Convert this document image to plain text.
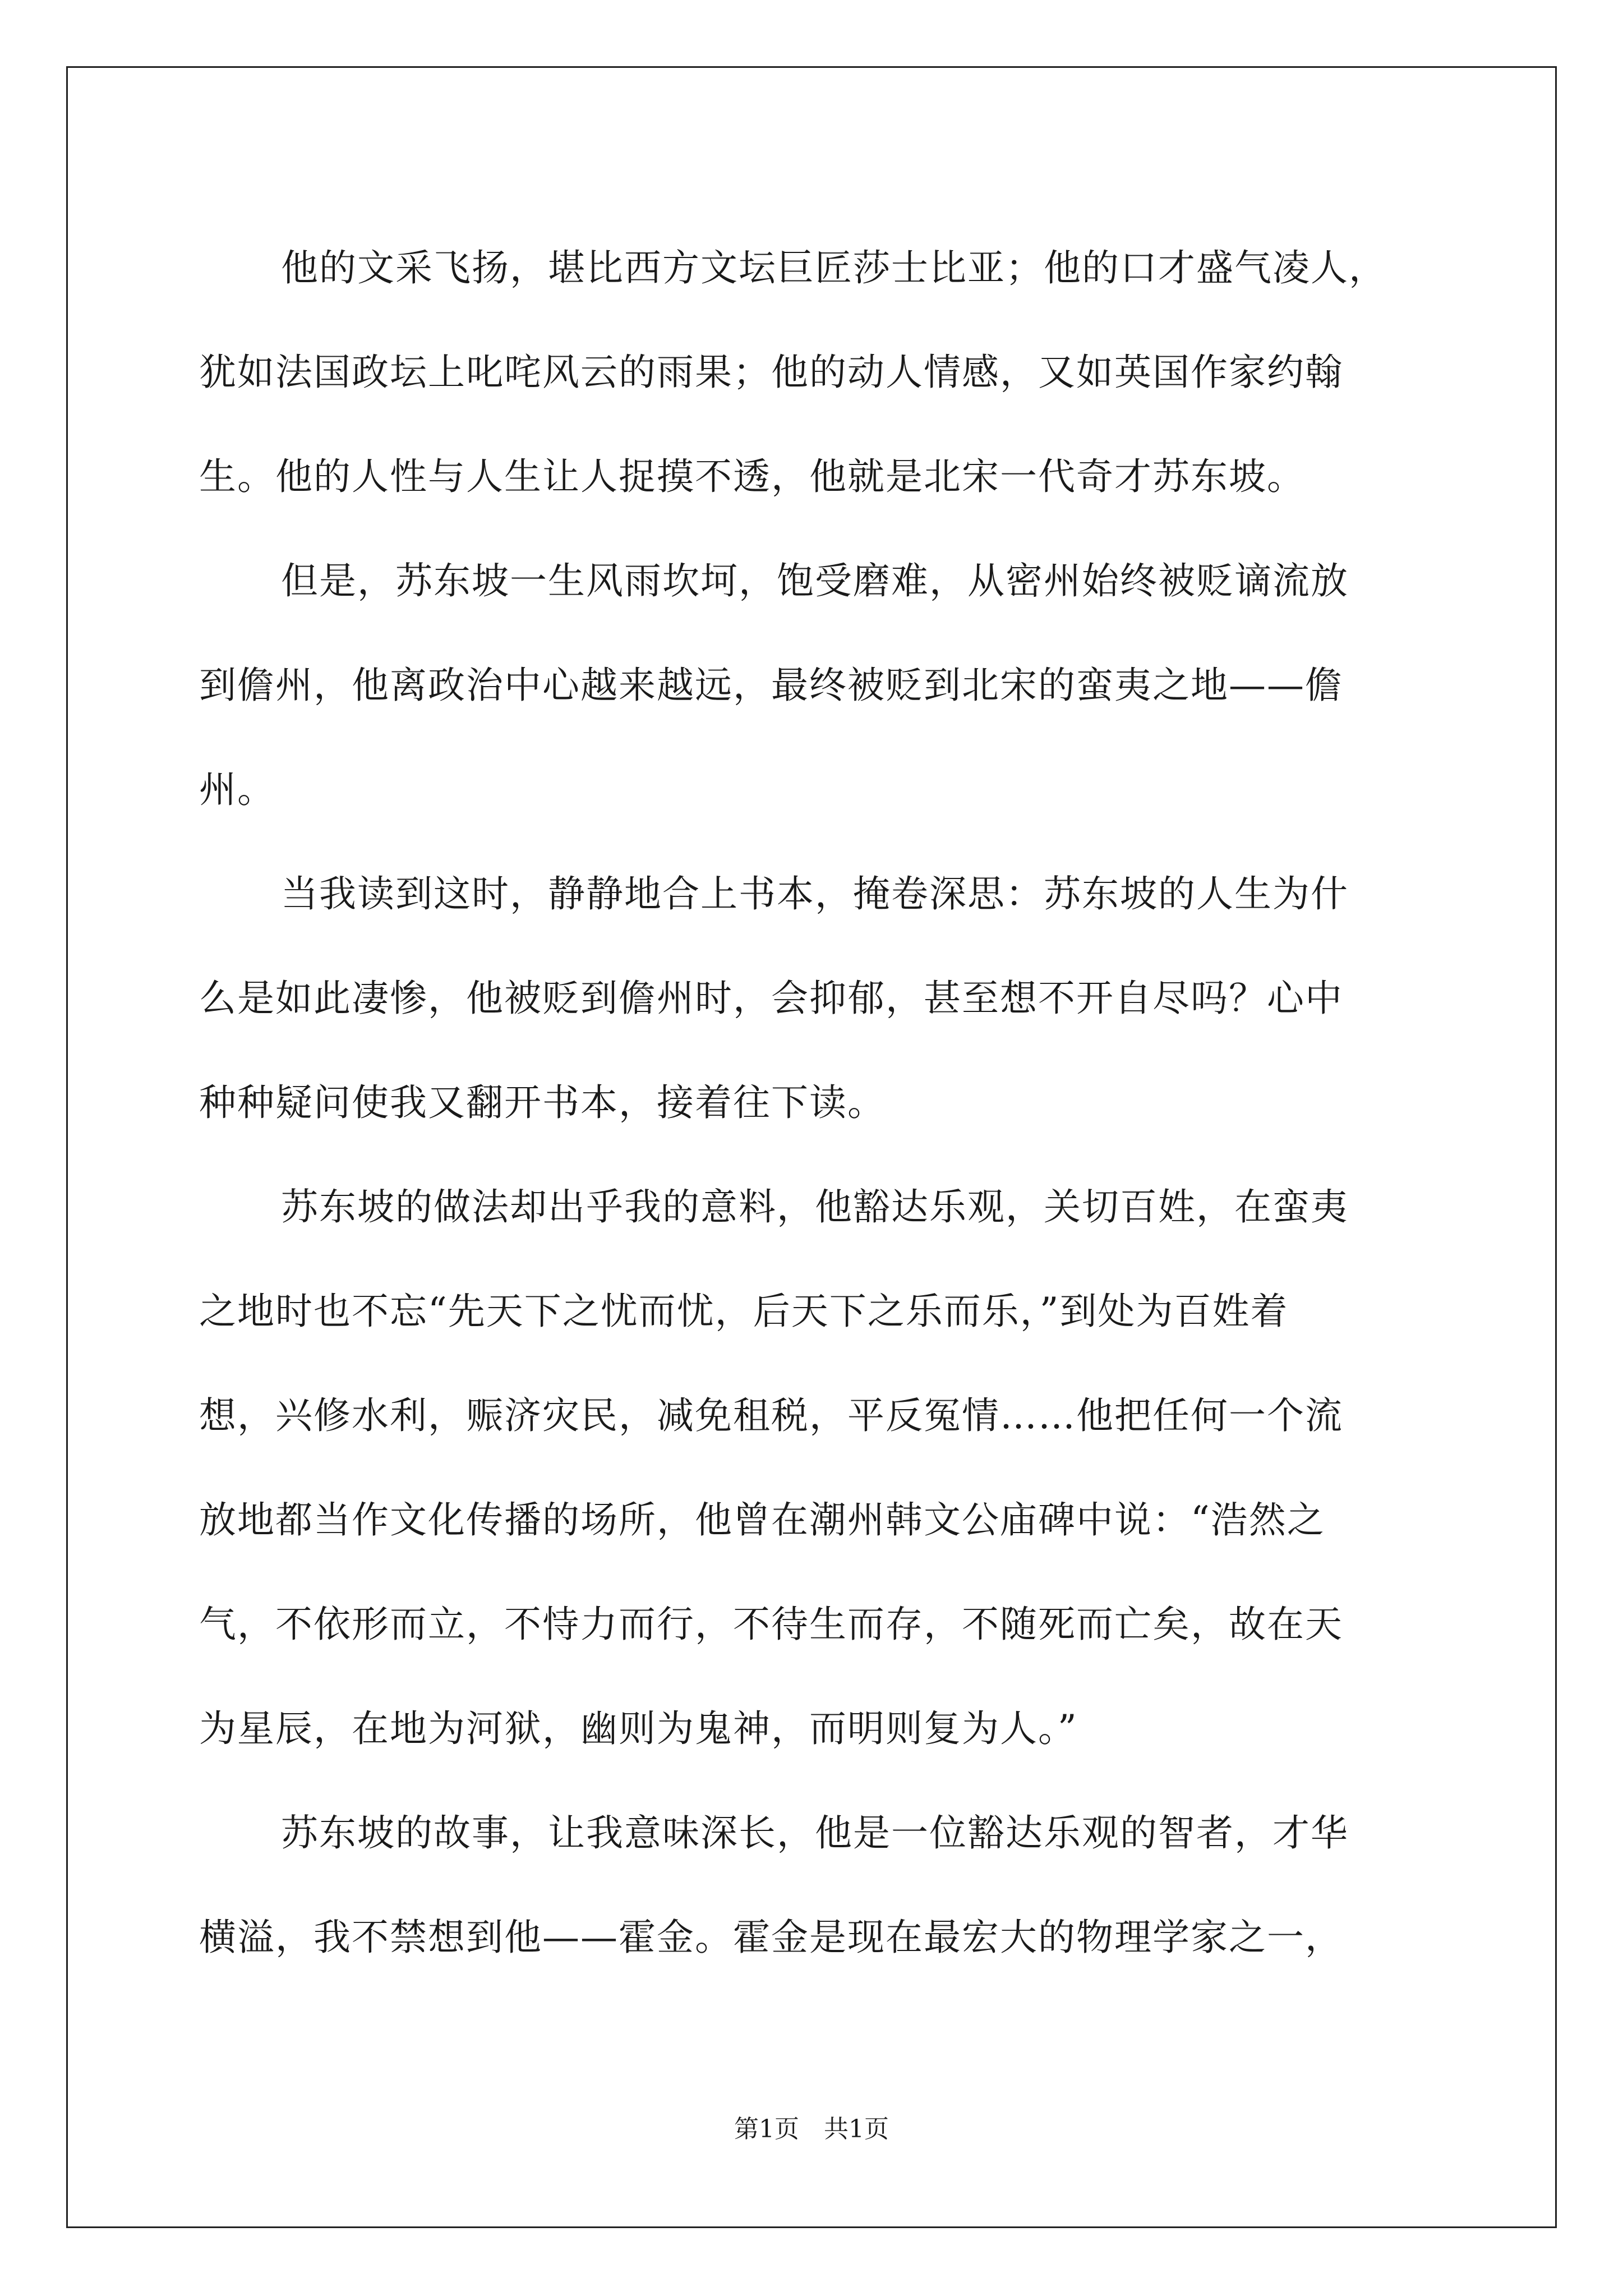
他的文采飞扬，堪比西方文坛巨匠莎士比亚；他的口才盛气凌人，
犹如法国政坛上叱咤风云的雨果；他的动人情感，又如英国作家约翰
生。他的人性与人生让人捉摸不透，他就是北宋一代奇才苏东坡。
但是，苏东坡一生风雨坎坷，饱受磨难，从密州始终被贬谪流放
到儋州，他离政治中心越来越远，最终被贬到北宋的蛮夷之地——儋
州。
当我读到这时，静静地合上书本，掩卷深思：苏东坡的人生为什
么是如此凄惨，他被贬到儋州时，会抑郁，甚至想不开自尽吗？心中
种种疑问使我又翻开书本，接着往下读。
苏东坡的做法却出乎我的意料，他豁达乐观，关切百姓，在蛮夷
之地时也不忘“先天下之忧而忧，后天下之乐而乐，”到处为百姓着
想，兴修水利，赈济灾民，减免租税，平反冤情……他把任何一个流
放地都当作文化传播的场所，他曾在潮州韩文公庙碑中说：“浩然之
气，不依形而立，不恃力而行，不待生而存，不随死而亡矣，故在天
为星辰，在地为河狱，幽则为鬼神，而明则复为人。”
苏东坡的故事，让我意味深长，他是一位豁达乐观的智者，才华
横溢，我不禁想到他——霍金。霍金是现在最宏大的物理学家之一，
第1页　共1页
